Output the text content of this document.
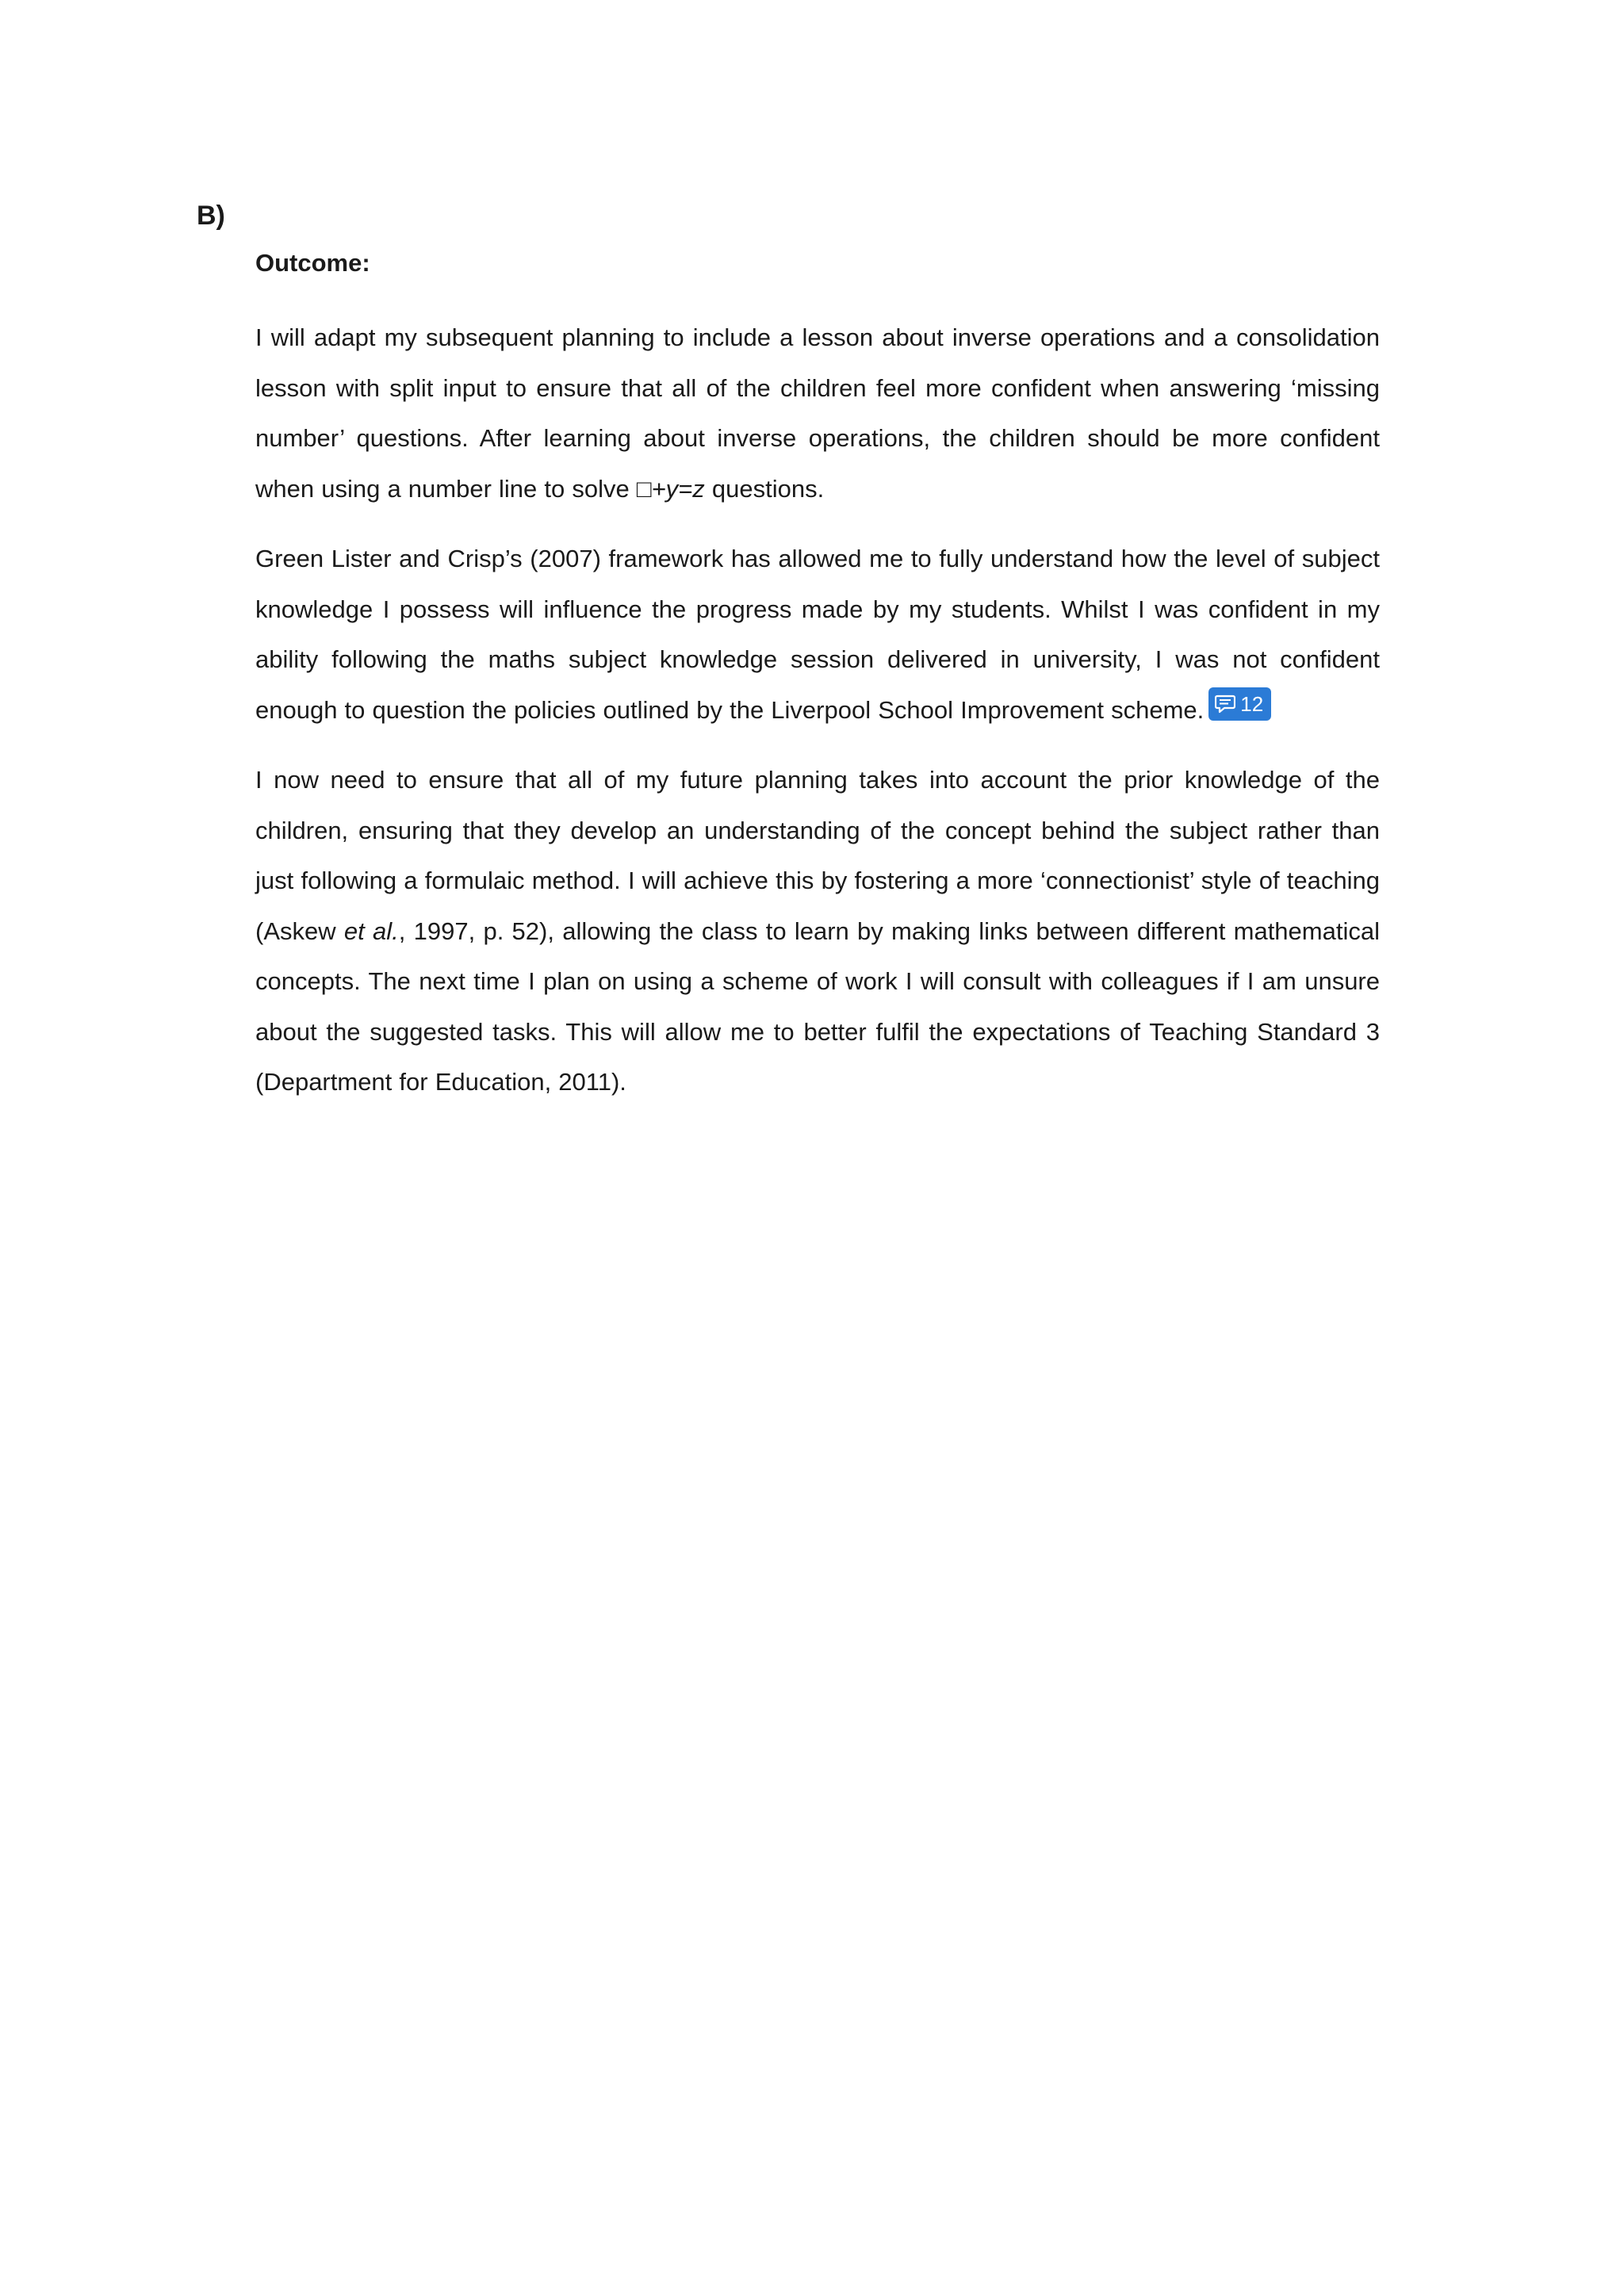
B)

Outcome:

I will adapt my subsequent planning to include a lesson about inverse operations and a consolidation lesson with split input to ensure that all of the children feel more confident when answering ‘missing number’ questions. After learning about inverse operations, the children should be more confident when using a number line to solve □+y=z questions.

Green Lister and Crisp’s (2007) framework has allowed me to fully understand how the level of subject knowledge I possess will influence the progress made by my students. Whilst I was confident in my ability following the maths subject knowledge session delivered in university, I was not confident enough to question the policies outlined by the Liverpool School Improvement scheme. 12

I now need to ensure that all of my future planning takes into account the prior knowledge of the children, ensuring that they develop an understanding of the concept behind the subject rather than just following a formulaic method. I will achieve this by fostering a more ‘connectionist’ style of teaching (Askew et al., 1997, p. 52), allowing the class to learn by making links between different mathematical concepts. The next time I plan on using a scheme of work I will consult with colleagues if I am unsure about the suggested tasks. This will allow me to better fulfil the expectations of Teaching Standard 3 (Department for Education, 2011).
